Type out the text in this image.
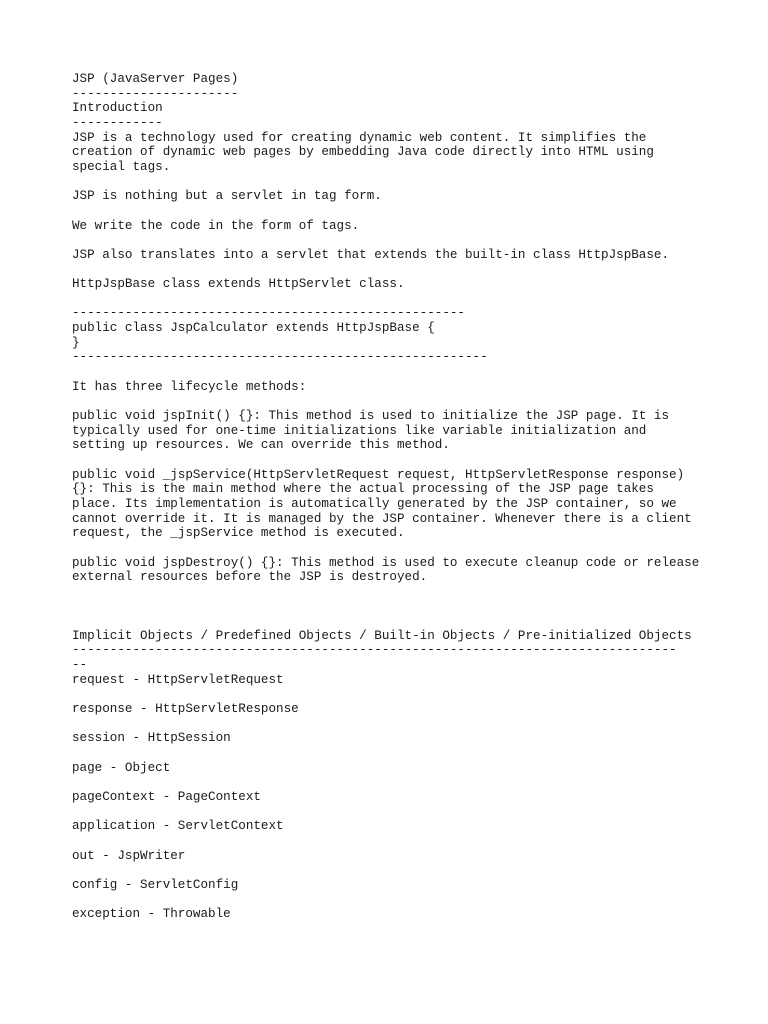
JSP (JavaServer Pages)
----------------------
Introduction
------------
JSP is a technology used for creating dynamic web content. It simplifies the
creation of dynamic web pages by embedding Java code directly into HTML using
special tags.
JSP is nothing but a servlet in tag form.
We write the code in the form of tags.
JSP also translates into a servlet that extends the built-in class HttpJspBase.
HttpJspBase class extends HttpServlet class.
----------------------------------------------------
public class JspCalculator extends HttpJspBase {
}
-------------------------------------------------------
It has three lifecycle methods:
public void jspInit() {}: This method is used to initialize the JSP page. It is
typically used for one-time initializations like variable initialization and
setting up resources. We can override this method.
public void _jspService(HttpServletRequest request, HttpServletResponse response)
{}: This is the main method where the actual processing of the JSP page takes
place. Its implementation is automatically generated by the JSP container, so we
cannot override it. It is managed by the JSP container. Whenever there is a client
request, the _jspService method is executed.
public void jspDestroy() {}: This method is used to execute cleanup code or release
external resources before the JSP is destroyed.
Implicit Objects / Predefined Objects / Built-in Objects / Pre-initialized Objects
--------------------------------------------------------------------------------
--
request - HttpServletRequest
response - HttpServletResponse
session - HttpSession
page - Object
pageContext - PageContext
application - ServletContext
out - JspWriter
config - ServletConfig
exception - Throwable
